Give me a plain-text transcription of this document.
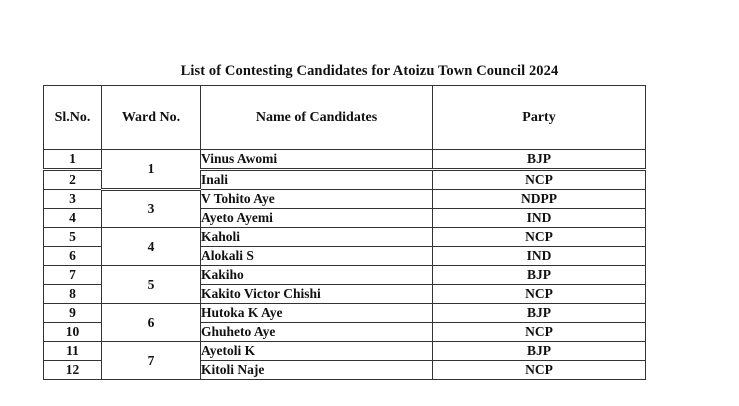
List of Contesting Candidates for Atoizu Town Council 2024
Sl.No.	Ward No.	Name of Candidates	Party
1	1	Vinus Awomi	BJP
2		Inali	NCP
3	3	V Tohito Aye	NDPP
4		Ayeto Ayemi	IND
5	4	Kaholi	NCP
6		Alokali S	IND
7	5	Kakiho	BJP
8		Kakito Victor Chishi	NCP
9	6	Hutoka K Aye	BJP
10		Ghuheto Aye	NCP
11	7	Ayetoli K	BJP
12		Kitoli Naje	NCP
